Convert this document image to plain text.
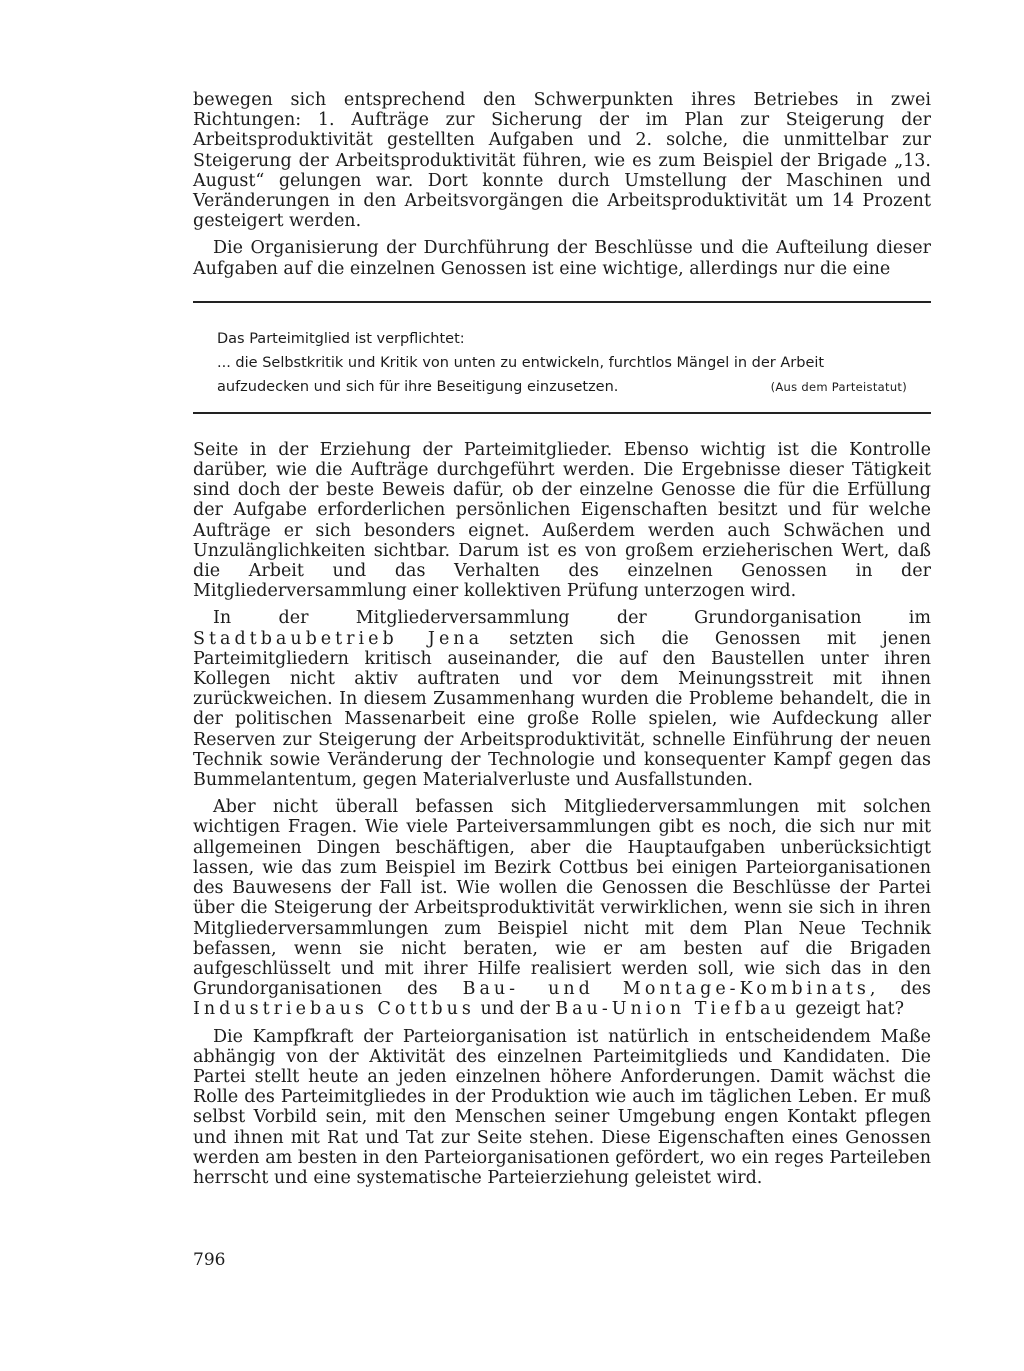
bewegen sich entsprechend den Schwerpunkten ihres Betriebes in zwei Richtungen: 1. Aufträge zur Sicherung der im Plan zur Steigerung der Arbeitsproduktivität gestellten Aufgaben und 2. solche, die unmittelbar zur Steigerung der Arbeitsproduktivität führen, wie es zum Beispiel der Brigade „13. August“ gelungen war. Dort konnte durch Umstellung der Maschinen und Veränderungen in den Arbeitsvorgängen die Arbeitsproduktivität um 14 Prozent gesteigert werden.

Die Organisierung der Durchführung der Beschlüsse und die Aufteilung dieser Aufgaben auf die einzelnen Genossen ist eine wichtige, allerdings nur die eine

Das Parteimitglied ist verpflichtet:

... die Selbstkritik und Kritik von unten zu entwickeln, furchtlos Mängel in der Arbeit

aufzudecken und sich für ihre Beseitigung einzusetzen.	(Aus dem Parteistatut)

Seite in der Erziehung der Parteimitglieder. Ebenso wichtig ist die Kontrolle darüber, wie die Aufträge durchgeführt werden. Die Ergebnisse dieser Tätigkeit sind doch der beste Beweis dafür, ob der einzelne Genosse die für die Erfüllung der Aufgabe erforderlichen persönlichen Eigenschaften besitzt und für welche Aufträge er sich besonders eignet. Außerdem werden auch Schwächen und Unzulänglichkeiten sichtbar. Darum ist es von großem erzieherischen Wert, daß die Arbeit und das Verhalten des einzelnen Genossen in der Mitgliederversammlung einer kollektiven Prüfung unterzogen wird.

In der Mitgliederversammlung der Grundorganisation im Stadtbaubetrieb Jena setzten sich die Genossen mit jenen Parteimitgliedern kritisch auseinander, die auf den Baustellen unter ihren Kollegen nicht aktiv auftraten und vor dem Meinungsstreit mit ihnen zurückweichen. In diesem Zusammenhang wurden die Probleme behandelt, die in der politischen Massenarbeit eine große Rolle spielen, wie Aufdeckung aller Reserven zur Steigerung der Arbeitsproduktivität, schnelle Einführung der neuen Technik sowie Veränderung der Technologie und konsequenter Kampf gegen das Bummelantentum, gegen Materialverluste und Ausfallstunden.

Aber nicht überall befassen sich Mitgliederversammlungen mit solchen wichtigen Fragen. Wie viele Parteiversammlungen gibt es noch, die sich nur mit allgemeinen Dingen beschäftigen, aber die Hauptaufgaben unberücksichtigt lassen, wie das zum Beispiel im Bezirk Cottbus bei einigen Parteiorganisationen des Bauwesens der Fall ist. Wie wollen die Genossen die Beschlüsse der Partei über die Steigerung der Arbeitsproduktivität verwirklichen, wenn sie sich in ihren Mitgliederversammlungen zum Beispiel nicht mit dem Plan Neue Technik befassen, wenn sie nicht beraten, wie er am besten auf die Brigaden aufgeschlüsselt und mit ihrer Hilfe realisiert werden soll, wie sich das in den Grundorganisationen des Bau- und Montage-Kombinats, des Industriebaus Cottbus und der Bau-Union Tiefbau gezeigt hat?

Die Kampfkraft der Parteiorganisation ist natürlich in entscheidendem Maße abhängig von der Aktivität des einzelnen Parteimitglieds und Kandidaten. Die Partei stellt heute an jeden einzelnen höhere Anforderungen. Damit wächst die Rolle des Parteimitgliedes in der Produktion wie auch im täglichen Leben. Er muß selbst Vorbild sein, mit den Menschen seiner Umgebung engen Kontakt pflegen und ihnen mit Rat und Tat zur Seite stehen. Diese Eigenschaften eines Genossen werden am besten in den Parteiorganisationen gefördert, wo ein reges Parteileben herrscht und eine systematische Parteierziehung geleistet wird.

796
